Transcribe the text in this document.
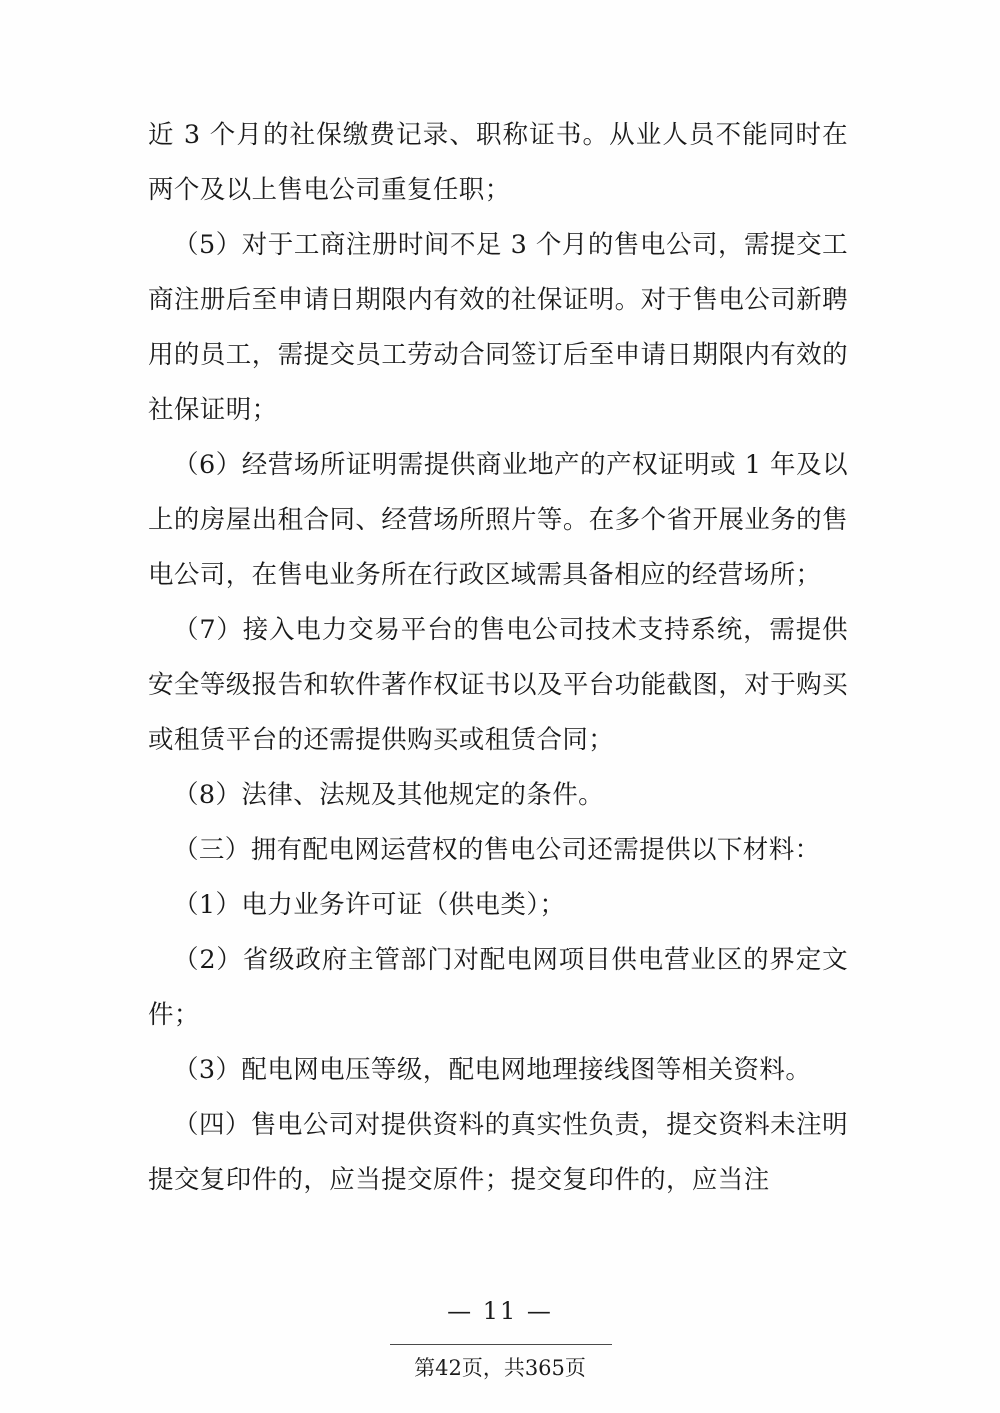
近 3 个月的社保缴费记录、职称证书。从业人员不能同时在两个及以上售电公司重复任职；

（5）对于工商注册时间不足 3 个月的售电公司，需提交工商注册后至申请日期限内有效的社保证明。对于售电公司新聘用的员工，需提交员工劳动合同签订后至申请日期限内有效的社保证明；

（6）经营场所证明需提供商业地产的产权证明或 1 年及以上的房屋出租合同、经营场所照片等。在多个省开展业务的售电公司，在售电业务所在行政区域需具备相应的经营场所；

（7）接入电力交易平台的售电公司技术支持系统，需提供安全等级报告和软件著作权证书以及平台功能截图，对于购买或租赁平台的还需提供购买或租赁合同；

（8）法律、法规及其他规定的条件。

（三）拥有配电网运营权的售电公司还需提供以下材料：

（1）电力业务许可证（供电类）；

（2）省级政府主管部门对配电网项目供电营业区的界定文件；

（3）配电网电压等级，配电网地理接线图等相关资料。

（四）售电公司对提供资料的真实性负责，提交资料未注明提交复印件的，应当提交原件；提交复印件的，应当注

— 11 —
第42页，共365页
